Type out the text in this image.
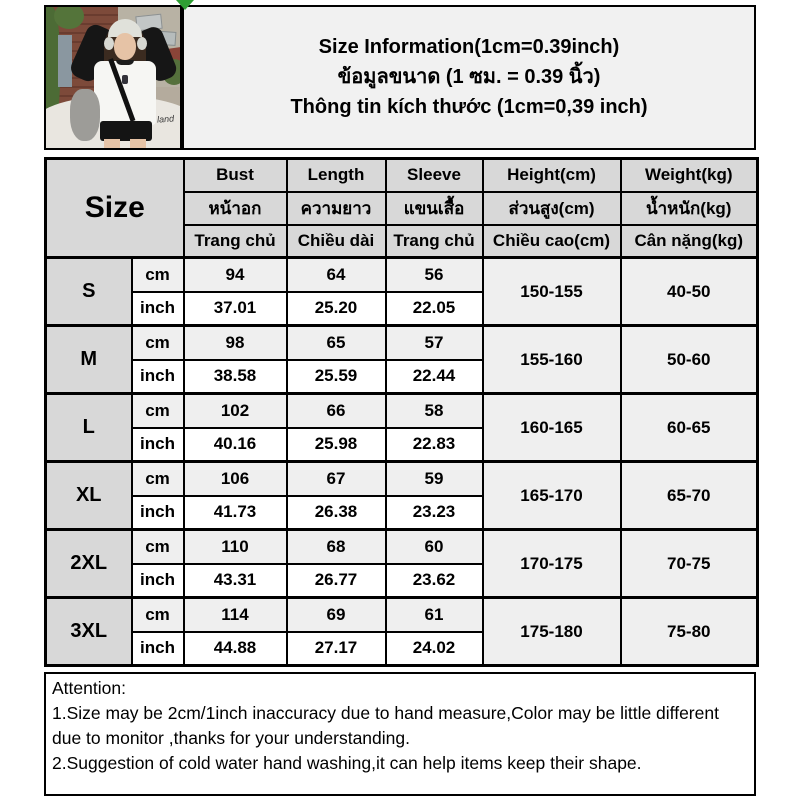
land
Size Information(1cm=0.39inch)
ข้อมูลขนาด (1 ซม. = 0.39 นิ้ว)
Thông tin kích thước (1cm=0,39 inch)
Size		Bust	Length	Sleeve	Height(cm)	Weight(kg)
		หน้าอก	ความยาว	แขนเสื้อ	ส่วนสูง(cm)	น้ำหนัก(kg)
		Trang chủ	Chiều dài	Trang chủ	Chiều cao(cm)	Cân nặng(kg)
S	cm	94	64	56	150-155	40-50
	inch	37.01	25.20	22.05		
M	cm	98	65	57	155-160	50-60
	inch	38.58	25.59	22.44		
L	cm	102	66	58	160-165	60-65
	inch	40.16	25.98	22.83		
XL	cm	106	67	59	165-170	65-70
	inch	41.73	26.38	23.23		
2XL	cm	110	68	60	170-175	70-75
	inch	43.31	26.77	23.62		
3XL	cm	114	69	61	175-180	75-80
	inch	44.88	27.17	24.02		
Attention:
1.Size may be 2cm/1inch inaccuracy due to hand measure,Color may be little different due to monitor ,thanks for your understanding.
2.Suggestion of cold water hand washing,it can help items keep their shape.
